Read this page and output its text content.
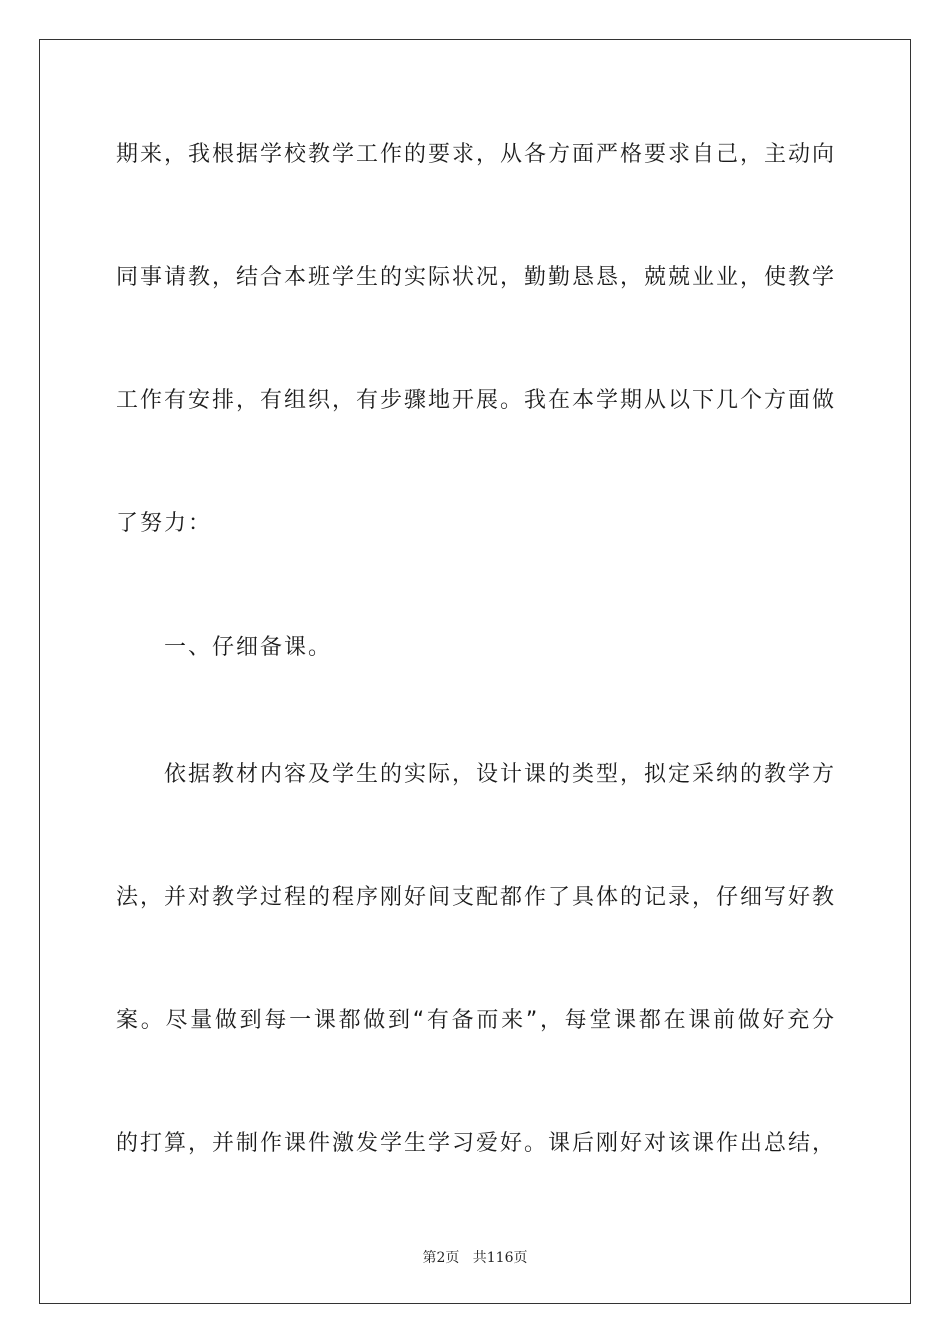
期来，我根据学校教学工作的要求，从各方面严格要求自己，主动向
同事请教，结合本班学生的实际状况，勤勤恳恳，兢兢业业，使教学
工作有安排，有组织，有步骤地开展。我在本学期从以下几个方面做
了努力：
一、仔细备课。
依据教材内容及学生的实际，设计课的类型，拟定采纳的教学方
法，并对教学过程的程序刚好间支配都作了具体的记录，仔细写好教
案。尽量做到每一课都做到“有备而来”，每堂课都在课前做好充分
的打算，并制作课件激发学生学习爱好。课后刚好对该课作出总结，
第2页   共116页
